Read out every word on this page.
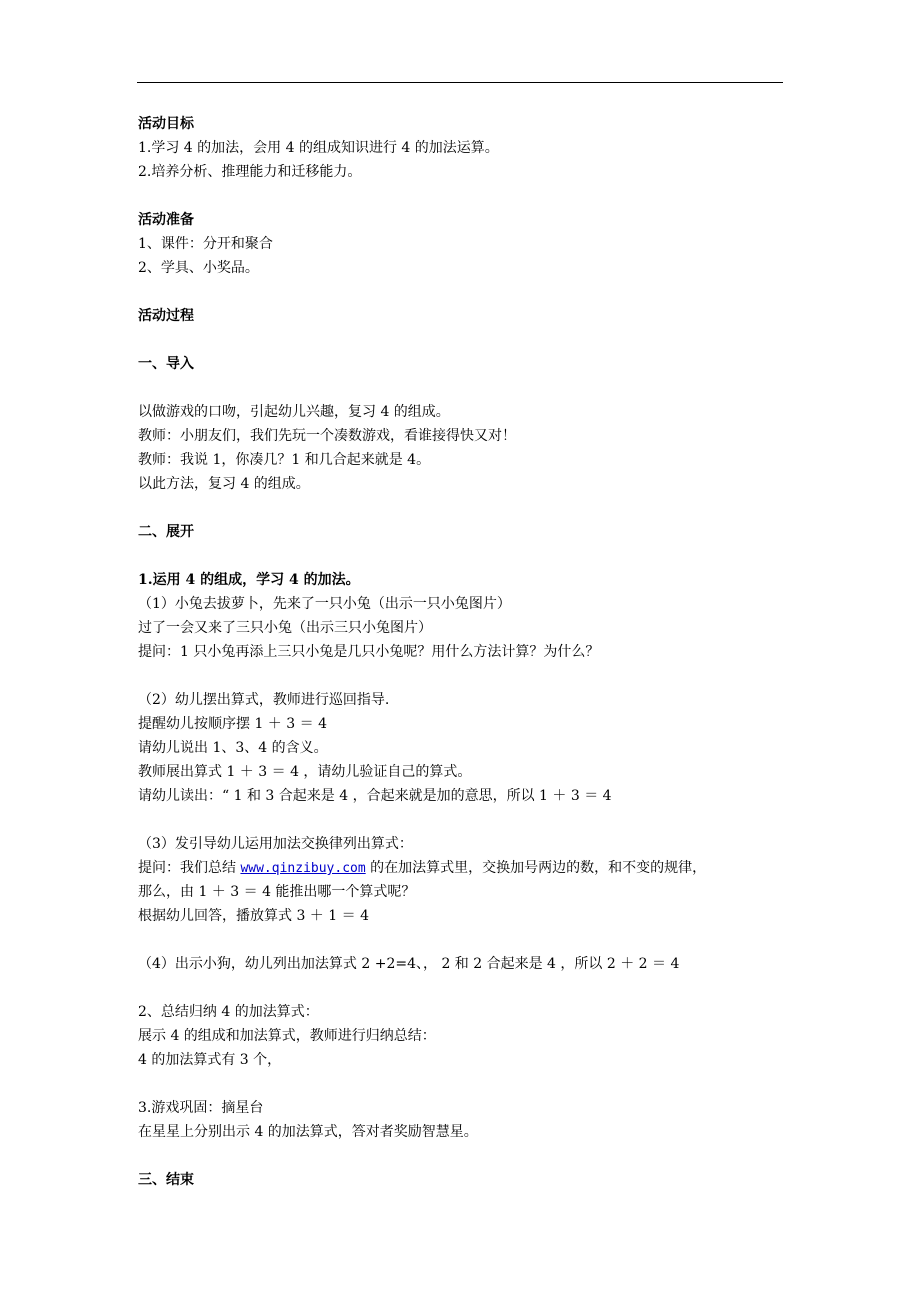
活动目标
1.学习 4 的加法，会用 4 的组成知识进行 4 的加法运算。
2.培养分析、推理能力和迁移能力。
活动准备
1、课件：分开和聚合
2、学具、小奖品。
活动过程
一、导入
以做游戏的口吻，引起幼儿兴趣，复习 4 的组成。
教师：小朋友们，我们先玩一个凑数游戏，看谁接得快又对！
教师：我说 1，你凑几？1 和几合起来就是 4。
以此方法，复习 4 的组成。
二、展开
1.运用 4 的组成，学习 4 的加法。
（1）小兔去拔萝卜，先来了一只小兔（出示一只小兔图片）
过了一会又来了三只小兔（出示三只小兔图片）
提问：1 只小兔再添上三只小兔是几只小兔呢？用什么方法计算？为什么？
（2）幼儿摆出算式，教师进行巡回指导.
提醒幼儿按顺序摆 1 ＋ 3 ＝ 4
请幼儿说出 1、3、4 的含义。
教师展出算式 1 ＋ 3 ＝ 4 ，请幼儿验证自己的算式。
请幼儿读出：“ 1 和 3 合起来是 4 ，合起来就是加的意思，所以 1 ＋ 3 ＝ 4
（3）发引导幼儿运用加法交换律列出算式：
提问：我们总结 www.qinzibuy.com 的在加法算式里，交换加号两边的数，和不变的规律，
那么，由 1 ＋ 3 ＝ 4 能推出哪一个算式呢？
根据幼儿回答，播放算式 3 ＋ 1 ＝ 4
（4）出示小狗，幼儿列出加法算式 2 +2=4、， 2 和 2 合起来是 4 ，所以 2 ＋ 2 ＝ 4
2、总结归纳 4 的加法算式：
展示 4 的组成和加法算式，教师进行归纳总结：
4 的加法算式有 3 个，
3.游戏巩固：摘星台
在星星上分别出示 4 的加法算式，答对者奖励智慧星。
三、结束
